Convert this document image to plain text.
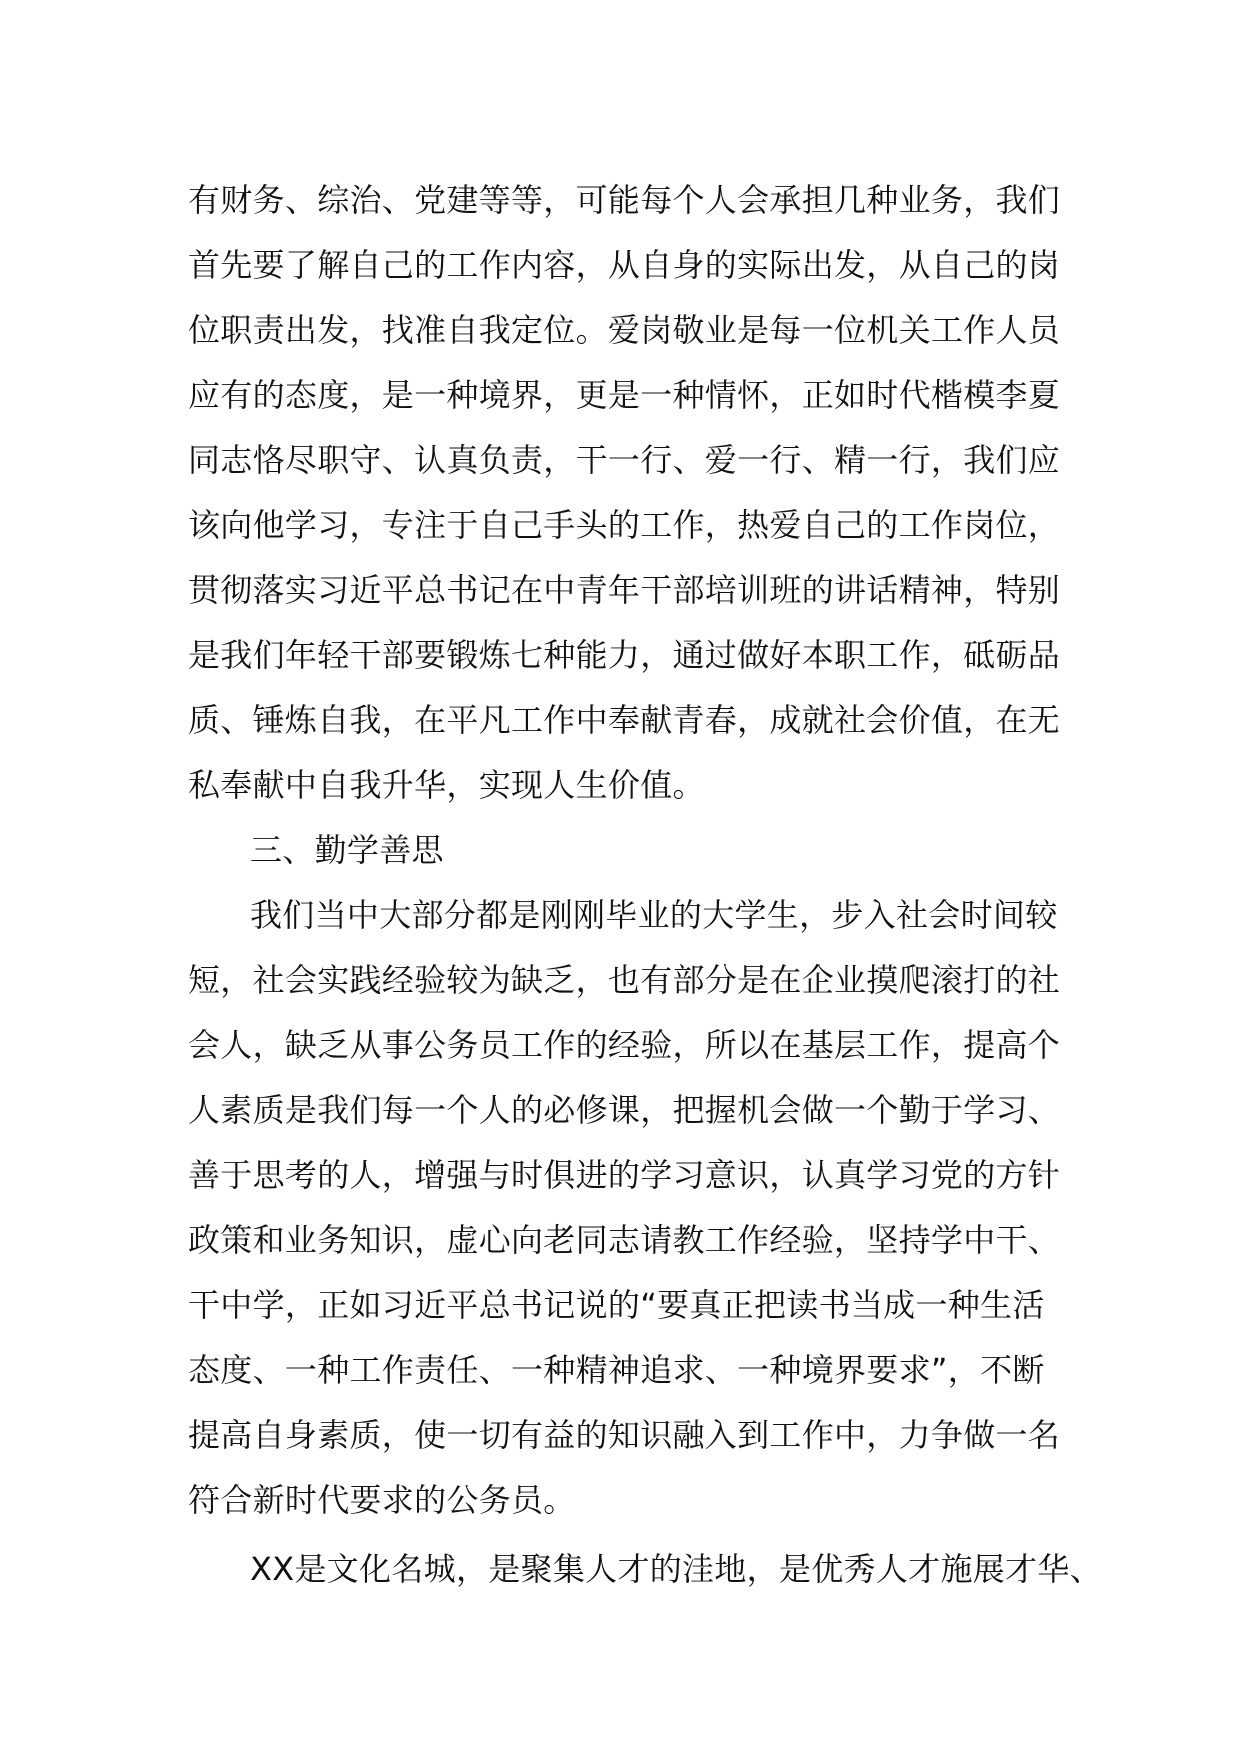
有财务、综治、党建等等，可能每个人会承担几种业务，我们
首先要了解自己的工作内容，从自身的实际出发，从自己的岗
位职责出发，找准自我定位。爱岗敬业是每一位机关工作人员
应有的态度，是一种境界，更是一种情怀，正如时代楷模李夏
同志恪尽职守、认真负责，干一行、爱一行、精一行，我们应
该向他学习，专注于自己手头的工作，热爱自己的工作岗位，
贯彻落实习近平总书记在中青年干部培训班的讲话精神，特别
是我们年轻干部要锻炼七种能力，通过做好本职工作，砥砺品
质、锤炼自我，在平凡工作中奉献青春，成就社会价值，在无
私奉献中自我升华，实现人生价值。
三、勤学善思
我们当中大部分都是刚刚毕业的大学生，步入社会时间较
短，社会实践经验较为缺乏，也有部分是在企业摸爬滚打的社
会人，缺乏从事公务员工作的经验，所以在基层工作，提高个
人素质是我们每一个人的必修课，把握机会做一个勤于学习、
善于思考的人，增强与时俱进的学习意识，认真学习党的方针
政策和业务知识，虚心向老同志请教工作经验，坚持学中干、
干中学，正如习近平总书记说的“要真正把读书当成一种生活
态度、一种工作责任、一种精神追求、一种境界要求”，不断
提高自身素质，使一切有益的知识融入到工作中，力争做一名
符合新时代要求的公务员。
XX是文化名城，是聚集人才的洼地，是优秀人才施展才华、
